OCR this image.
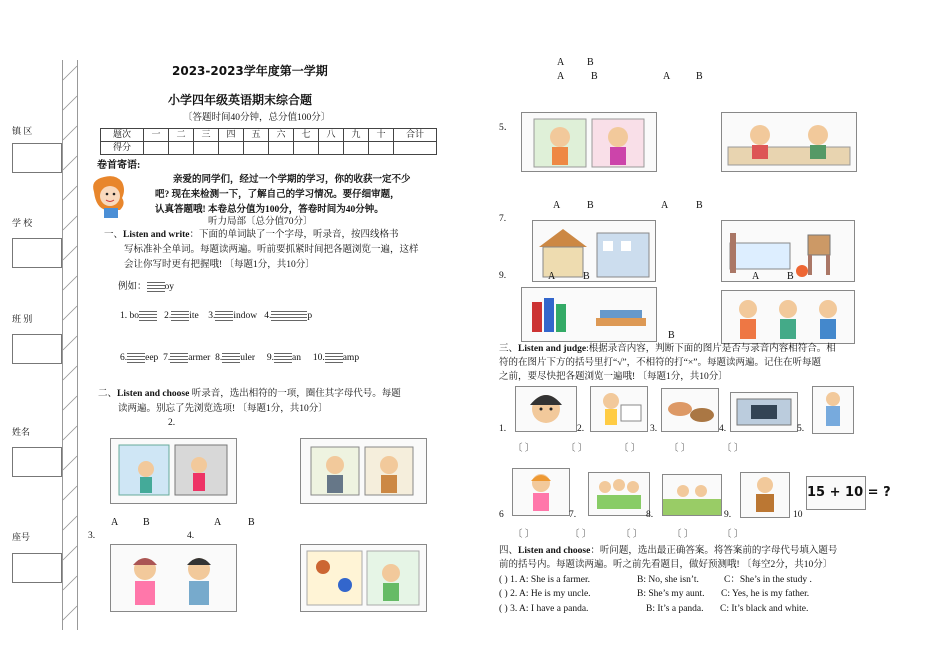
镇 区
学 校
班 别
姓名
座号
2023-2023学年度第一学期
小学四年级英语期末综合题
〔答题时间40分钟，总分值100分〕
题次	一	二	三	四	五	六	七	八	九	十	合计
得分											
卷首寄语:
亲爱的同学们，经过一个学期的学习，你的收获一定不少
吧? 现在来检测一下，了解自己的学习情况。要仔细审题，
认真答题哦! 本卷总分值为100分，答卷时间为40分钟。
听力局部〔总分值70分〕
一、Listen and write：下面的单词缺了一个字母，听录音，按四线格书
写标准补全单词。每题读两遍。听前要抓紧时间把各题浏览一遍，这样
会让你写时更有把握哦! 〔每题1分，共10分〕
例如： oy
1. bo	2. ite 3. indow 4.	p
6. eep 7. armer 8. uler 9. an 10. amp
二、Listen and choose 听录音，选出相符的一项，圈住其字母代号。每题
读两遍。别忘了先浏览选项! 〔每题1分，共10分〕
2.
A B	A	B
3.	4.
A B
A	B	A	B
5．
A	B	A	B
7.
9.	A	B	A	B
B
三、Listen and judge:根据录音内容，判断下面的图片是否与录音内容相符合。相
符的在图片下方的括号里打“√”，不相符的打“×”。每题读两遍。记住在听每题
之前，要尽快把各题浏览一遍哦! 〔每题1分，共10分〕
1.	2.	3.	4.	5.
〔 〕	〔 〕	〔 〕	〔 〕	〔 〕
15 + 10 = ?
6	7.	8.	9.	10
〔 〕	〔 〕	〔 〕	〔 〕	〔 〕
四、Listen and choose：听问题，选出最正确答案。将答案前的字母代号填入题号
前的括号内。每题读两遍。听之前先看题目，做好预测哦! 〔每空2分，共10分〕
( ) 1. A: She is a farmer.	B: No, she isn’t.	C：She’s in the study .
( ) 2. A: He is my uncle.	B: She’s my aunt. C: Yes, he is my father.
( ) 3. A: I have a panda.	B: It’s a panda. C: It’s black and white.
